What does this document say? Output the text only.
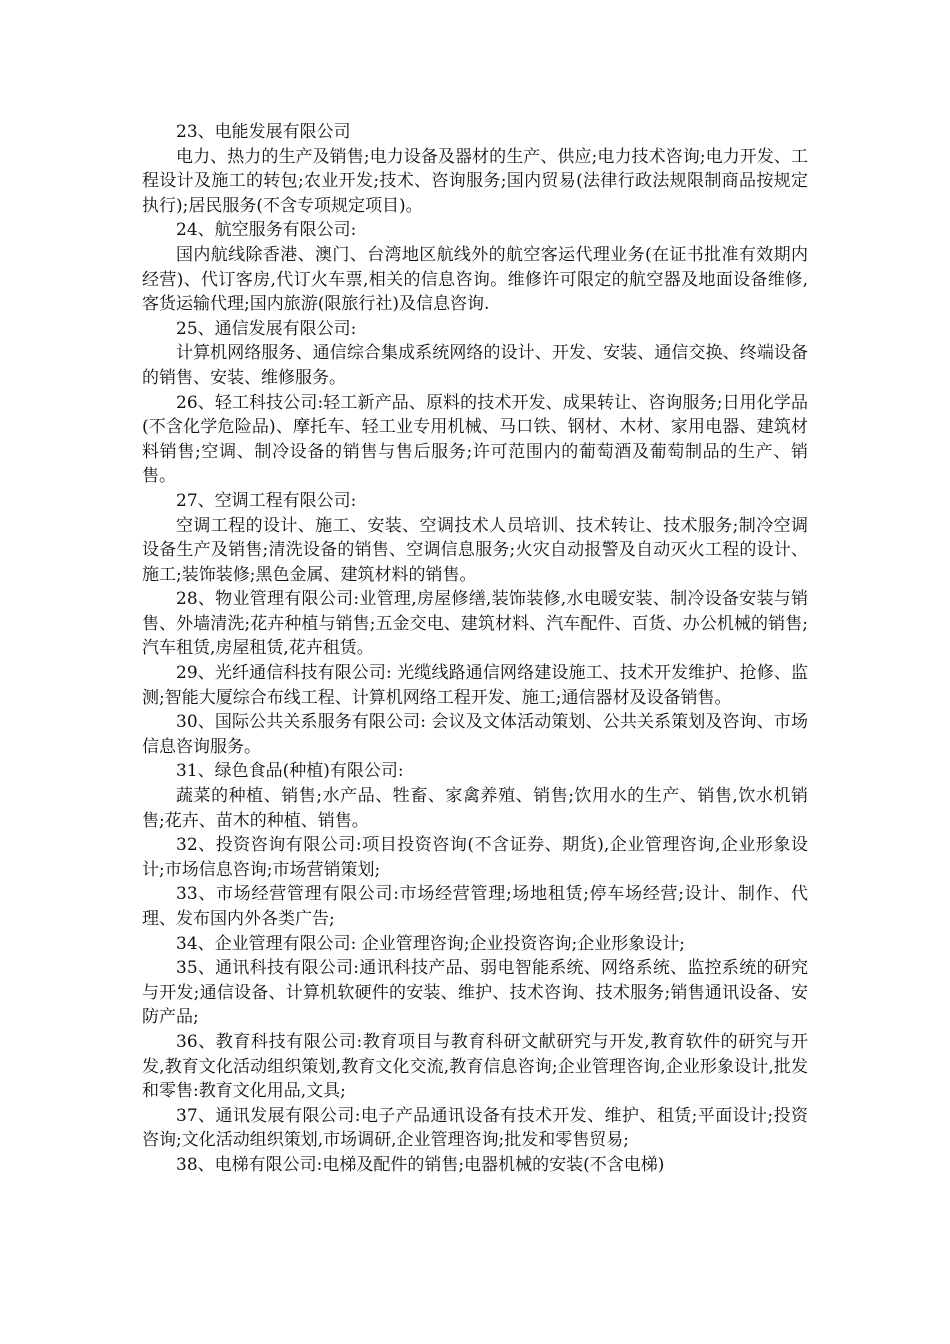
23、电能发展有限公司

电力、热力的生产及销售;电力设备及器材的生产、供应;电力技术咨询;电力开发、工程设计及施工的转包;农业开发;技术、咨询服务;国内贸易(法律行政法规限制商品按规定执行);居民服务(不含专项规定项目)。

24、航空服务有限公司:

国内航线除香港、澳门、台湾地区航线外的航空客运代理业务(在证书批准有效期内经营)、代订客房,代订火车票,相关的信息咨询。维修许可限定的航空器及地面设备维修,客货运输代理;国内旅游(限旅行社)及信息咨询.

25、通信发展有限公司:

计算机网络服务、通信综合集成系统网络的设计、开发、安装、通信交换、终端设备的销售、安装、维修服务。

26、轻工科技公司:轻工新产品、原料的技术开发、成果转让、咨询服务;日用化学品(不含化学危险品)、摩托车、轻工业专用机械、马口铁、钢材、木材、家用电器、建筑材料销售;空调、制冷设备的销售与售后服务;许可范围内的葡萄酒及葡萄制品的生产、销售。

27、空调工程有限公司:

空调工程的设计、施工、安装、空调技术人员培训、技术转让、技术服务;制冷空调设备生产及销售;清洗设备的销售、空调信息服务;火灾自动报警及自动灭火工程的设计、施工;装饰装修;黑色金属、建筑材料的销售。

28、物业管理有限公司:业管理,房屋修缮,装饰装修,水电暖安装、制冷设备安装与销售、外墙清洗;花卉种植与销售;五金交电、建筑材料、汽车配件、百货、办公机械的销售;汽车租赁,房屋租赁,花卉租赁。

29、光纤通信科技有限公司: 光缆线路通信网络建设施工、技术开发维护、抢修、监测;智能大厦综合布线工程、计算机网络工程开发、施工;通信器材及设备销售。

30、国际公共关系服务有限公司: 会议及文体活动策划、公共关系策划及咨询、市场信息咨询服务。

31、绿色食品(种植)有限公司:

蔬菜的种植、销售;水产品、牲畜、家禽养殖、销售;饮用水的生产、销售,饮水机销售;花卉、苗木的种植、销售。

32、投资咨询有限公司:项目投资咨询(不含证券、期货),企业管理咨询,企业形象设计;市场信息咨询;市场营销策划;

33、市场经营管理有限公司:市场经营管理;场地租赁;停车场经营;设计、制作、代理、发布国内外各类广告;

34、企业管理有限公司: 企业管理咨询;企业投资咨询;企业形象设计;

35、通讯科技有限公司:通讯科技产品、弱电智能系统、网络系统、监控系统的研究与开发;通信设备、计算机软硬件的安装、维护、技术咨询、技术服务;销售通讯设备、安防产品;

36、教育科技有限公司:教育项目与教育科研文献研究与开发,教育软件的研究与开发,教育文化活动组织策划,教育文化交流,教育信息咨询;企业管理咨询,企业形象设计,批发和零售:教育文化用品,文具;

37、通讯发展有限公司:电子产品通讯设备有技术开发、维护、租赁;平面设计;投资咨询;文化活动组织策划,市场调研,企业管理咨询;批发和零售贸易;

38、电梯有限公司:电梯及配件的销售;电器机械的安装(不含电梯)
